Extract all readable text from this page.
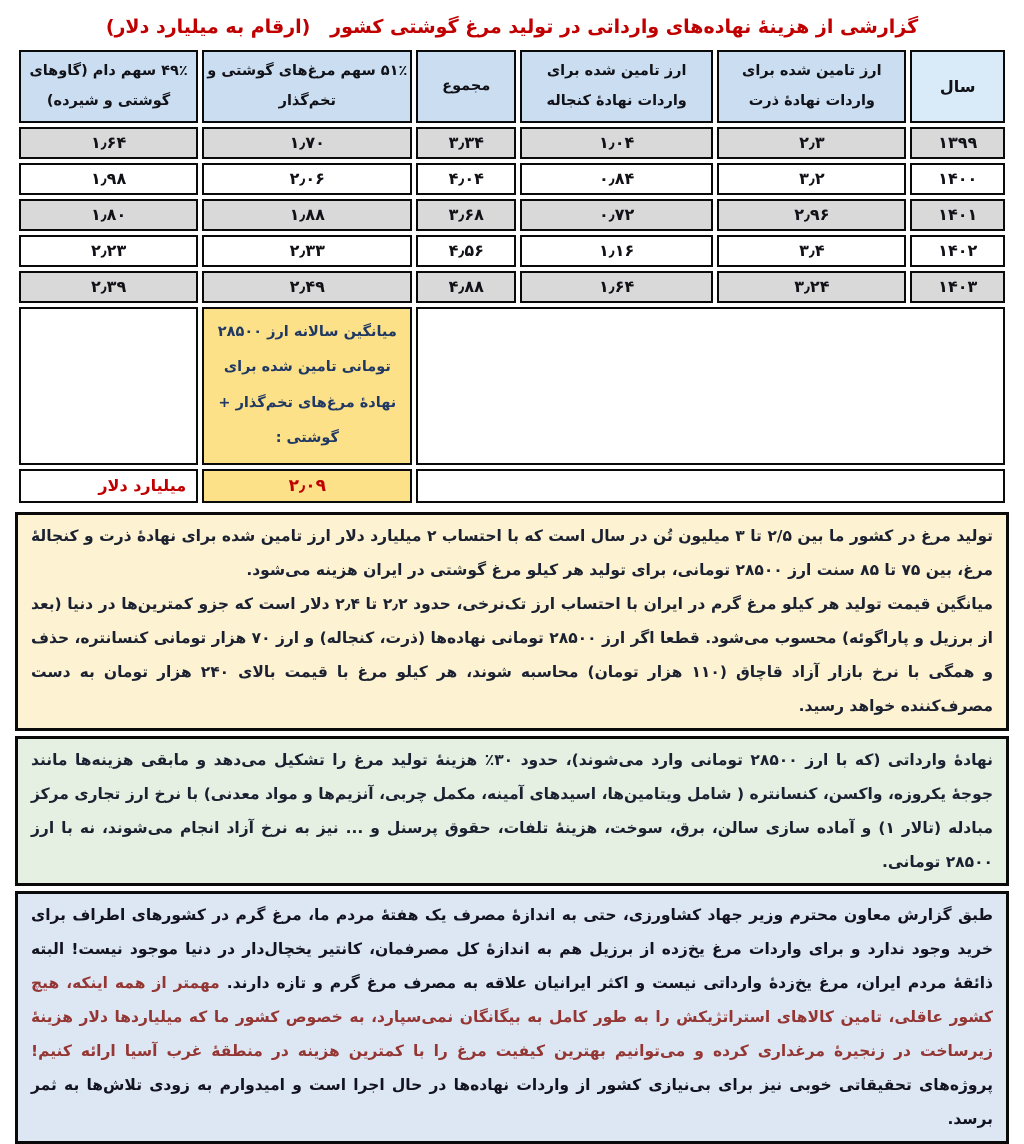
گزارشی از هزینهٔ نهاده‌های وارداتی در تولید مرغ گوشتی کشور   (ارقام به میلیارد دلار)
سال	ارز تامین شده برای واردات نهادهٔ ذرت	ارز تامین شده برای واردات نهادهٔ کنجاله	مجموع	۵۱٪ سهم مرغ‌های گوشتی و تخم‌گذار	۴۹٪ سهم دام (گاوهای گوشتی و شیرده)
۱۳۹۹	۲٫۳	۱٫۰۴	۳٫۳۴	۱٫۷۰	۱٫۶۴
۱۴۰۰	۳٫۲	۰٫۸۴	۴٫۰۴	۲٫۰۶	۱٫۹۸
۱۴۰۱	۲٫۹۶	۰٫۷۲	۳٫۶۸	۱٫۸۸	۱٫۸۰
۱۴۰۲	۳٫۴	۱٫۱۶	۴٫۵۶	۲٫۳۳	۲٫۲۳
۱۴۰۳	۳٫۲۴	۱٫۶۴	۴٫۸۸	۲٫۴۹	۲٫۳۹
				میانگین سالانه ارز ۲۸۵۰۰ تومانی تامین شده برای نهادهٔ مرغ‌های تخم‌گذار + گوشتی :	
				۲٫۰۹	میلیارد دلار

تولید مرغ در کشور ما بین ۲/۵ تا ۳ میلیون تُن در سال است که با احتساب ۲ میلیارد دلار ارز تامین شده برای نهادهٔ ذرت و کنجالهٔ مرغ، بین ۷۵ تا ۸۵ سنت ارز ۲۸۵۰۰ تومانی، برای تولید هر کیلو مرغ گوشتی در ایران هزینه می‌شود.

میانگین قیمت تولید هر کیلو مرغ گرم در ایران با احتساب ارز تک‌نرخی، حدود ۲٫۲ تا ۲٫۴ دلار است که جزو کمترین‌ها در دنیا (بعد از برزیل و پاراگوئه) محسوب می‌شود. قطعا اگر ارز ۲۸۵۰۰ تومانی نهاده‌ها (ذرت، کنجاله) و ارز ۷۰ هزار تومانی کنسانتره، حذف و همگی با نرخ بازار آزاد قاچاق (۱۱۰ هزار تومان) محاسبه شوند، هر کیلو مرغ با قیمت بالای ۲۴۰ هزار تومان به دست مصرف‌کننده خواهد رسید.

نهادهٔ وارداتی (که با ارز ۲۸۵۰۰ تومانی وارد می‌شوند)، حدود ۳۰٪ هزینهٔ تولید مرغ را تشکیل می‌دهد و مابقی هزینه‌ها مانند جوجهٔ یکروزه، واکسن، کنسانتره ( شامل ویتامین‌ها، اسیدهای آمینه، مکمل چربی، آنزیم‌ها و مواد معدنی) با نرخ ارز تجاری مرکز مبادله (تالار ۱) و آماده سازی سالن، برق، سوخت، هزینهٔ تلفات، حقوق پرسنل و ... نیز به نرخ آزاد انجام می‌شوند، نه با ارز ۲۸۵۰۰ تومانی.

طبق گزارش معاون محترم وزیر جهاد کشاورزی، حتی به اندازهٔ مصرف یک هفتهٔ مردم ما، مرغ گرم در کشورهای اطراف برای خرید وجود ندارد و برای واردات مرغ یخ‌زده از برزیل هم به اندازهٔ کل مصرفمان، کانتیر یخچال‌دار در دنیا موجود نیست! البته ذائقهٔ مردم ایران، مرغ یخ‌زدهٔ وارداتی نیست و اکثر ایرانیان علاقه به مصرف مرغ گرم و تازه دارند. مهمتر از همه اینکه، هیچ کشور عاقلی، تامین کالاهای استراتژیکش را به طور کامل به بیگانگان نمی‌سپارد، به خصوص کشور ما که میلیاردها دلار هزینهٔ زیرساخت در زنجیرهٔ مرغداری کرده و می‌توانیم بهترین کیفیت مرغ را با کمترین هزینه در منطقهٔ غرب آسیا ارائه کنیم! پروژه‌های تحقیقاتی خوبی نیز برای بی‌نیازی کشور از واردات نهاده‌ها در حال اجرا است و امیدوارم به زودی تلاش‌ها به ثمر برسد.
